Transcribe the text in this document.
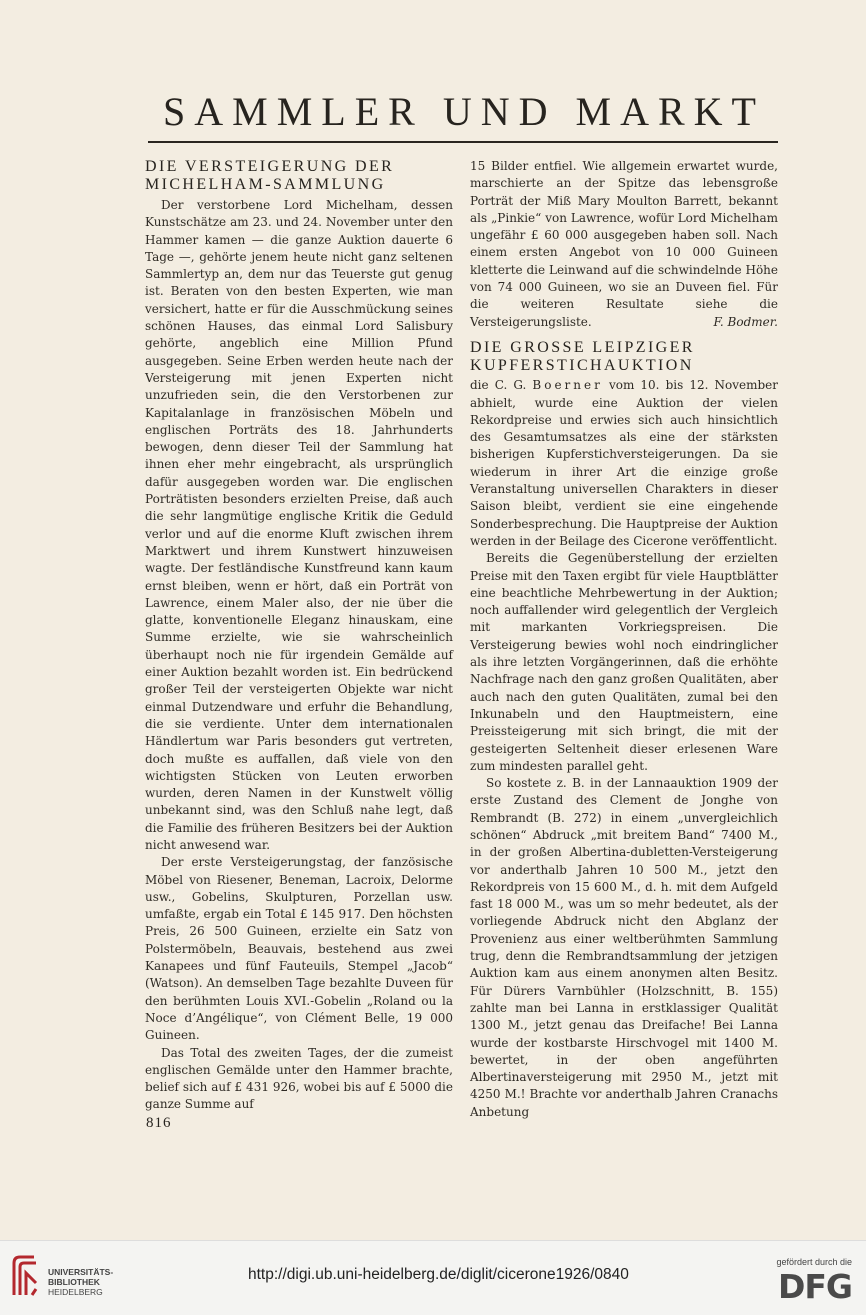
SAMMLER UND MARKT
DIE VERSTEIGERUNG DER
MICHELHAM-SAMMLUNG

Der verstorbene Lord Michelham, dessen Kunstschätze am 23. und 24. November unter den Hammer kamen — die ganze Auktion dauerte 6 Tage —, gehörte jenem heute nicht ganz seltenen Sammlertyp an, dem nur das Teuerste gut genug ist. Beraten von den besten Experten, wie man versichert, hatte er für die Ausschmückung seines schönen Hauses, das einmal Lord Salisbury gehörte, angeblich eine Million Pfund ausgegeben. Seine Erben werden heute nach der Versteigerung mit jenen Experten nicht unzufrieden sein, die den Verstorbenen zur Kapitalanlage in französischen Möbeln und englischen Porträts des 18. Jahrhunderts bewogen, denn dieser Teil der Sammlung hat ihnen eher mehr eingebracht, als ursprünglich dafür ausgegeben worden war. Die englischen Porträtisten besonders erzielten Preise, daß auch die sehr langmütige englische Kritik die Geduld verlor und auf die enorme Kluft zwischen ihrem Marktwert und ihrem Kunstwert hinzuweisen wagte. Der festländische Kunstfreund kann kaum ernst bleiben, wenn er hört, daß ein Porträt von Lawrence, einem Maler also, der nie über die glatte, konventionelle Eleganz hinauskam, eine Summe erzielte, wie sie wahrscheinlich überhaupt noch nie für irgendein Gemälde auf einer Auktion bezahlt worden ist. Ein bedrückend großer Teil der versteigerten Objekte war nicht einmal Dutzendware und erfuhr die Behandlung, die sie verdiente. Unter dem internationalen Händlertum war Paris besonders gut vertreten, doch mußte es auffallen, daß viele von den wichtigsten Stücken von Leuten erworben wurden, deren Namen in der Kunstwelt völlig unbekannt sind, was den Schluß nahe legt, daß die Familie des früheren Besitzers bei der Auktion nicht anwesend war.

Der erste Versteigerungstag, der fanzösische Möbel von Riesener, Beneman, Lacroix, Delorme usw., Gobelins, Skulpturen, Porzellan usw. umfaßte, ergab ein Total £ 145 917. Den höchsten Preis, 26 500 Guineen, erzielte ein Satz von Polstermöbeln, Beauvais, bestehend aus zwei Kanapees und fünf Fauteuils, Stempel „Jacob“ (Watson). An demselben Tage bezahlte Duveen für den berühmten Louis XVI.-Gobelin „Roland ou la Noce d’Angélique“, von Clément Belle, 19 000 Guineen.

Das Total des zweiten Tages, der die zumeist englischen Gemälde unter den Hammer brachte, belief sich auf £ 431 926, wobei bis auf £ 5000 die ganze Summe auf

15 Bilder entfiel. Wie allgemein erwartet wurde, marschierte an der Spitze das lebensgroße Porträt der Miß Mary Moulton Barrett, bekannt als „Pinkie“ von Lawrence, wofür Lord Michelham ungefähr £ 60 000 ausgegeben haben soll. Nach einem ersten Angebot von 10 000 Guineen kletterte die Leinwand auf die schwindelnde Höhe von 74 000 Guineen, wo sie an Duveen fiel. Für die weiteren Resultate siehe die Versteigerungsliste.	F. Bodmer.

DIE GROSSE LEIPZIGER
KUPFERSTICHAUKTION

die C. G. Boerner vom 10. bis 12. November abhielt, wurde eine Auktion der vielen Rekordpreise und erwies sich auch hinsichtlich des Gesamtumsatzes als eine der stärksten bisherigen Kupferstichversteigerungen. Da sie wiederum in ihrer Art die einzige große Veranstaltung universellen Charakters in dieser Saison bleibt, verdient sie eine eingehende Sonderbesprechung. Die Hauptpreise der Auktion werden in der Beilage des Cicerone veröffentlicht.

Bereits die Gegenüberstellung der erzielten Preise mit den Taxen ergibt für viele Hauptblätter eine beachtliche Mehrbewertung in der Auktion; noch auffallender wird gelegentlich der Vergleich mit markanten Vorkriegspreisen. Die Versteigerung bewies wohl noch eindringlicher als ihre letzten Vorgängerinnen, daß die erhöhte Nachfrage nach den ganz großen Qualitäten, aber auch nach den guten Qualitäten, zumal bei den Inkunabeln und den Hauptmeistern, eine Preissteigerung mit sich bringt, die mit der gesteigerten Seltenheit dieser erlesenen Ware zum mindesten parallel geht.

So kostete z. B. in der Lannaauktion 1909 der erste Zustand des Clement de Jonghe von Rembrandt (B. 272) in einem „unvergleichlich schönen“ Abdruck „mit breitem Band“ 7400 M., in der großen Albertina-dubletten-Versteigerung vor anderthalb Jahren 10 500 M., jetzt den Rekordpreis von 15 600 M., d. h. mit dem Aufgeld fast 18 000 M., was um so mehr bedeutet, als der vorliegende Abdruck nicht den Abglanz der Provenienz aus einer weltberühmten Sammlung trug, denn die Rembrandtsammlung der jetzigen Auktion kam aus einem anonymen alten Besitz. Für Dürers Varnbühler (Holzschnitt, B. 155) zahlte man bei Lanna in erstklassiger Qualität 1300 M., jetzt genau das Dreifache! Bei Lanna wurde der kostbarste Hirschvogel mit 1400 M. bewertet, in der oben angeführten Albertinaversteigerung mit 2950 M., jetzt mit 4250 M.! Brachte vor anderthalb Jahren Cranachs Anbetung

816
UNIVERSITÄTS-
BIBLIOTHEK
HEIDELBERG
http://digi.ub.uni-heidelberg.de/diglit/cicerone1926/0840
gefördert durch die
DFG
